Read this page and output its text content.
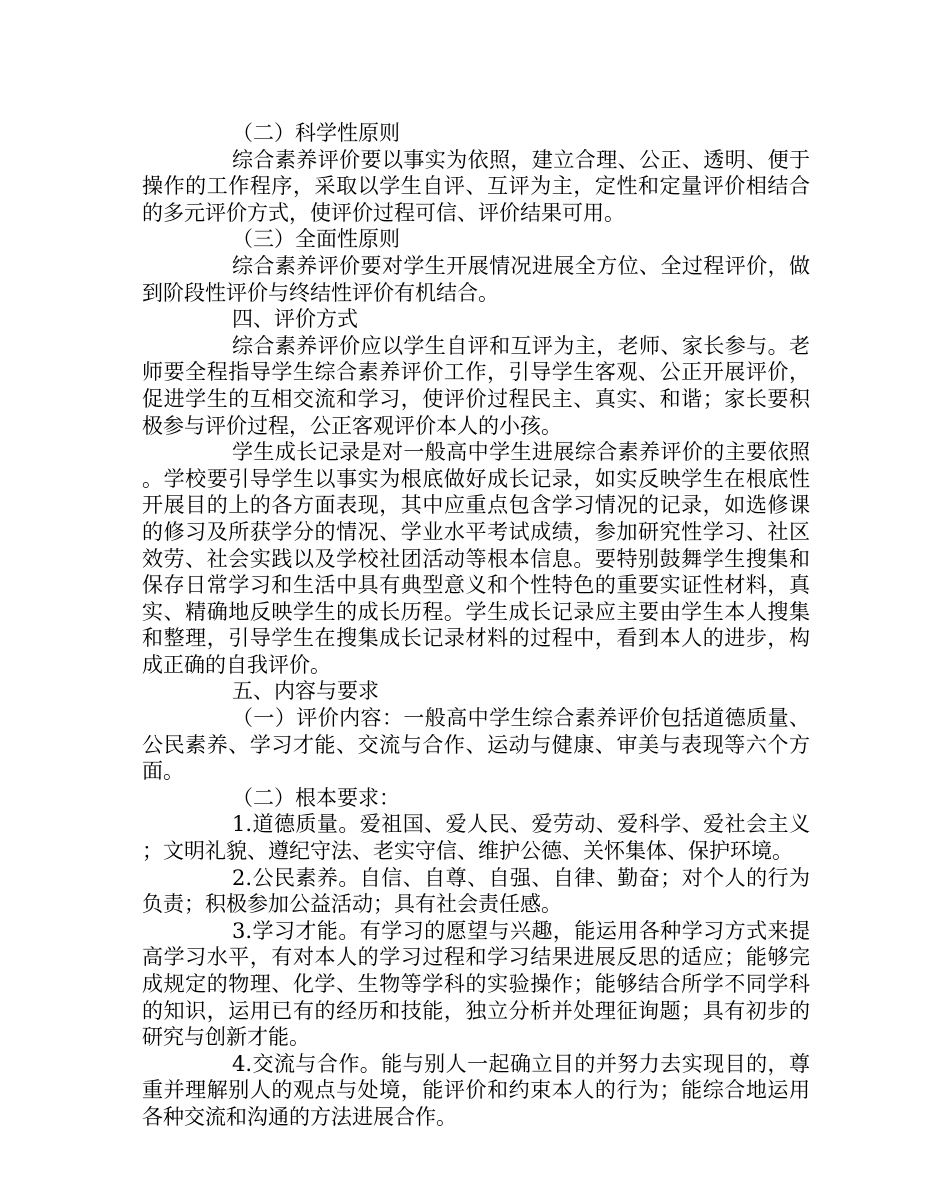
（二）科学性原则

综合素养评价要以事实为依照，建立合理、公正、透明、便于操作的工作程序，采取以学生自评、互评为主，定性和定量评价相结合的多元评价方式，使评价过程可信、评价结果可用。

（三）全面性原则

综合素养评价要对学生开展情况进展全方位、全过程评价，做到阶段性评价与终结性评价有机结合。

四、评价方式

综合素养评价应以学生自评和互评为主，老师、家长参与。老师要全程指导学生综合素养评价工作，引导学生客观、公正开展评价，促进学生的互相交流和学习，使评价过程民主、真实、和谐；家长要积极参与评价过程，公正客观评价本人的小孩。

学生成长记录是对一般高中学生进展综合素养评价的主要依照。学校要引导学生以事实为根底做好成长记录，如实反映学生在根底性开展目的上的各方面表现，其中应重点包含学习情况的记录，如选修课的修习及所获学分的情况、学业水平考试成绩，参加研究性学习、社区效劳、社会实践以及学校社团活动等根本信息。要特别鼓舞学生搜集和保存日常学习和生活中具有典型意义和个性特色的重要实证性材料，真实、精确地反映学生的成长历程。学生成长记录应主要由学生本人搜集和整理，引导学生在搜集成长记录材料的过程中，看到本人的进步，构成正确的自我评价。

五、内容与要求

（一）评价内容：一般高中学生综合素养评价包括道德质量、公民素养、学习才能、交流与合作、运动与健康、审美与表现等六个方面。

（二）根本要求：

1.道德质量。爱祖国、爱人民、爱劳动、爱科学、爱社会主义；文明礼貌、遵纪守法、老实守信、维护公德、关怀集体、保护环境。

2.公民素养。自信、自尊、自强、自律、勤奋；对个人的行为负责；积极参加公益活动；具有社会责任感。

3.学习才能。有学习的愿望与兴趣，能运用各种学习方式来提高学习水平，有对本人的学习过程和学习结果进展反思的适应；能够完成规定的物理、化学、生物等学科的实验操作；能够结合所学不同学科的知识，运用已有的经历和技能，独立分析并处理征询题；具有初步的研究与创新才能。

4.交流与合作。能与别人一起确立目的并努力去实现目的，尊重并理解别人的观点与处境，能评价和约束本人的行为；能综合地运用各种交流和沟通的方法进展合作。
